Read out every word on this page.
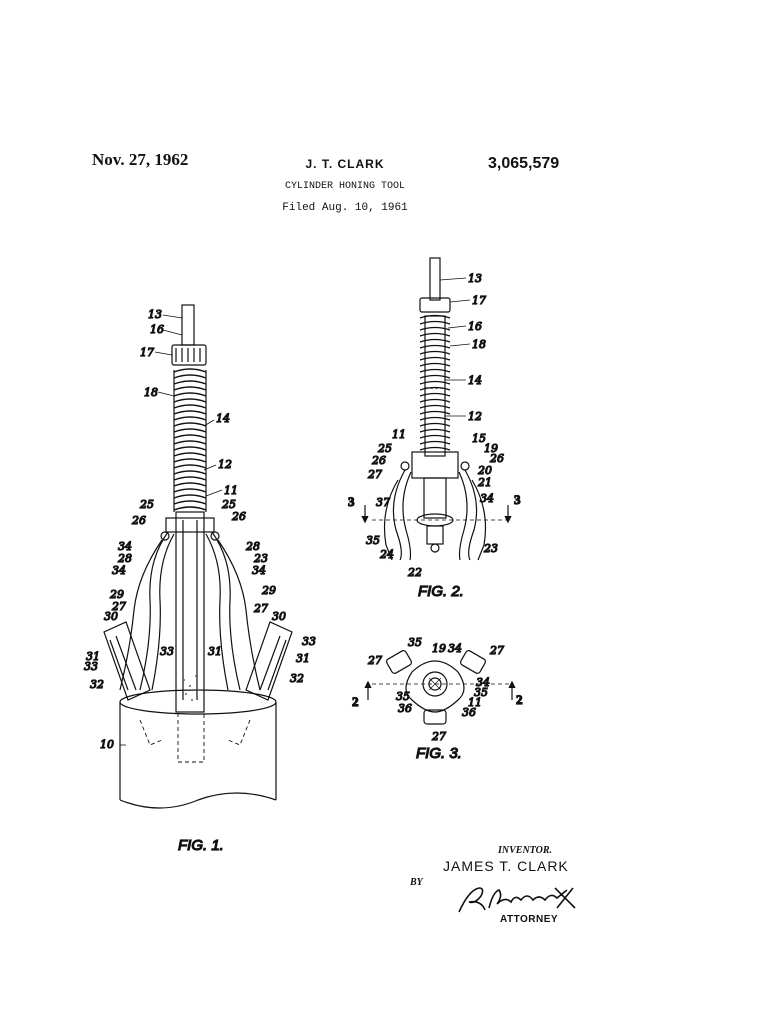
Nov. 27, 1962	J. T. CLARK	3,065,579
CYLINDER HONING TOOL
Filed Aug. 10, 1961
13
16
17
18
14
12
11
25
26
25
26
34
28
34
28
23
34
29
29
27	27
30	30
31	33
33
31
33
31
32	32
10
13
17
16
18
14
12
11	15
19
25
26	26
20
27
21
37	34
35
24	23
22
3	3
35 19 34
27
27
34
35
35
36	11
36
27
2	2
FIG. 1.
FIG. 2.
FIG. 3.
INVENTOR.
JAMES T. CLARK
BY
ATTORNEY
